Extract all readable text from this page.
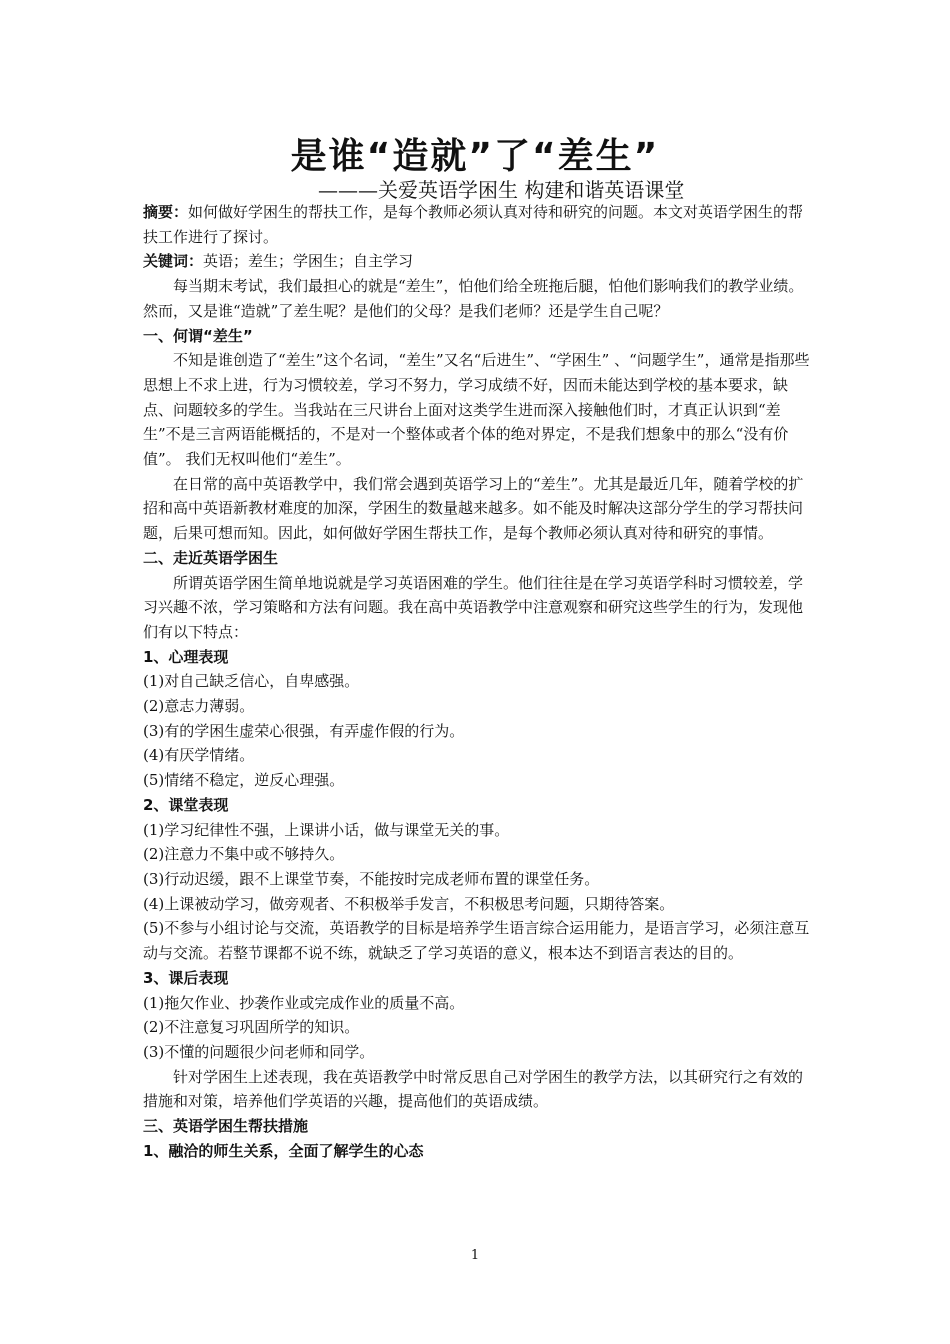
是谁“造就”了“差生”
———关爱英语学困生 构建和谐英语课堂

摘要：如何做好学困生的帮扶工作，是每个教师必须认真对待和研究的问题。本文对英语学困生的帮扶工作进行了探讨。

关键词：英语；差生；学困生；自主学习

每当期末考试，我们最担心的就是“差生”，怕他们给全班拖后腿，怕他们影响我们的教学业绩。然而，又是谁“造就”了差生呢？是他们的父母？是我们老师？还是学生自己呢？

一、何谓“差生”

不知是谁创造了“差生”这个名词，“差生”又名“后进生”、“学困生” 、“问题学生”，通常是指那些思想上不求上进，行为习惯较差，学习不努力，学习成绩不好，因而未能达到学校的基本要求，缺点、问题较多的学生。当我站在三尺讲台上面对这类学生进而深入接触他们时，才真正认识到“差生”不是三言两语能概括的，不是对一个整体或者个体的绝对界定，不是我们想象中的那么“没有价值”。 我们无权叫他们“差生”。

在日常的高中英语教学中，我们常会遇到英语学习上的“差生”。尤其是最近几年，随着学校的扩招和高中英语新教材难度的加深，学困生的数量越来越多。如不能及时解决这部分学生的学习帮扶问题，后果可想而知。因此，如何做好学困生帮扶工作，是每个教师必须认真对待和研究的事情。

二、走近英语学困生

所谓英语学困生简单地说就是学习英语困难的学生。他们往往是在学习英语学科时习惯较差，学习兴趣不浓，学习策略和方法有问题。我在高中英语教学中注意观察和研究这些学生的行为，发现他们有以下特点：

1、心理表现

(1)对自己缺乏信心，自卑感强。

(2)意志力薄弱。

(3)有的学困生虚荣心很强，有弄虚作假的行为。

(4)有厌学情绪。

(5)情绪不稳定，逆反心理强。

2、课堂表现

(1)学习纪律性不强，上课讲小话，做与课堂无关的事。

(2)注意力不集中或不够持久。

(3)行动迟缓，跟不上课堂节奏，不能按时完成老师布置的课堂任务。

(4)上课被动学习，做旁观者、不积极举手发言，不积极思考问题，只期待答案。

(5)不参与小组讨论与交流，英语教学的目标是培养学生语言综合运用能力，是语言学习，必须注意互动与交流。若整节课都不说不练，就缺乏了学习英语的意义，根本达不到语言表达的目的。

3、课后表现

(1)拖欠作业、抄袭作业或完成作业的质量不高。

(2)不注意复习巩固所学的知识。

(3)不懂的问题很少问老师和同学。

针对学困生上述表现，我在英语教学中时常反思自己对学困生的教学方法，以其研究行之有效的措施和对策，培养他们学英语的兴趣，提高他们的英语成绩。

三、英语学困生帮扶措施

1、融洽的师生关系，全面了解学生的心态

1
